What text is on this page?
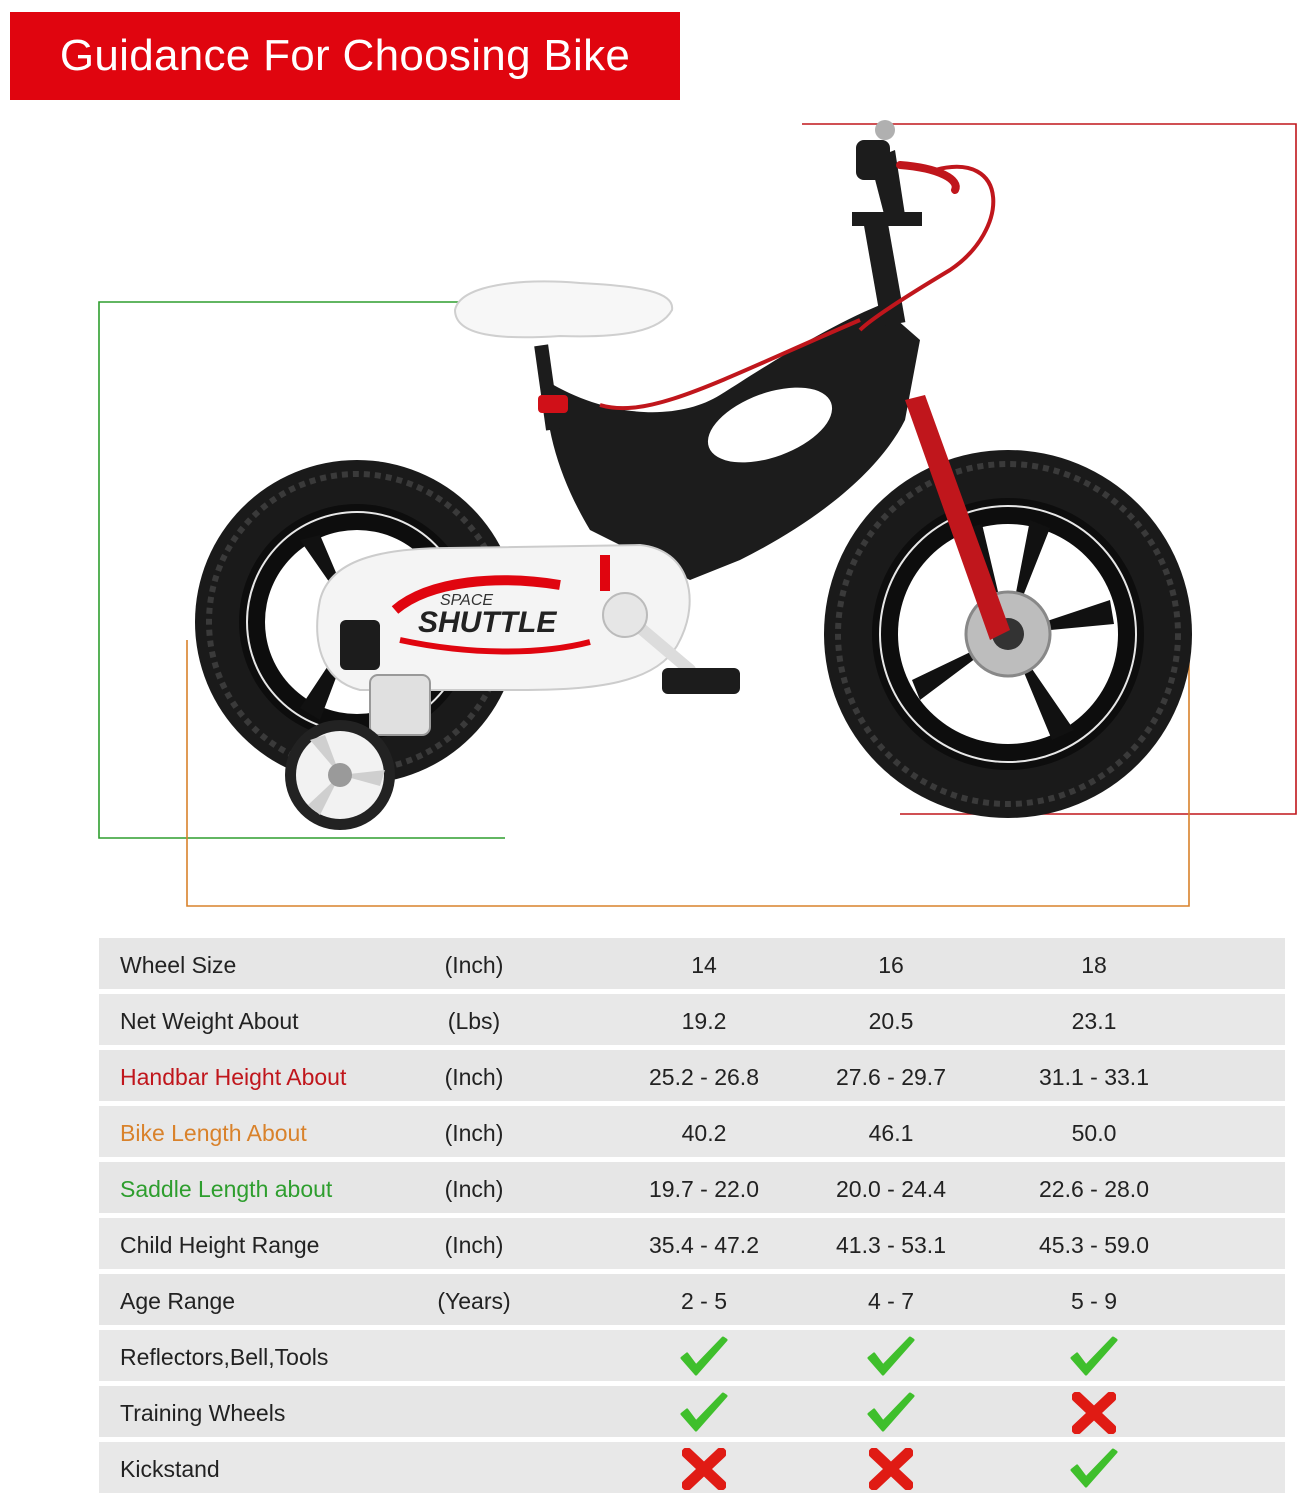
Guidance For Choosing Bike
SPACE
SHUTTLE
Wheel Size	(Inch)	14	16	18
Net Weight About	(Lbs)	19.2	20.5	23.1
Handbar Height About	(Inch)	25.2 - 26.8	27.6 - 29.7	31.1 - 33.1
Bike Length About	(Inch)	40.2	46.1	50.0
Saddle Length about	(Inch)	19.7 - 22.0	20.0 - 24.4	22.6 - 28.0
Child Height Range	(Inch)	35.4 - 47.2	41.3 - 53.1	45.3 - 59.0
Age Range	(Years)	2 - 5	4 - 7	5 - 9
Reflectors,Bell,Tools
Training Wheels
Kickstand
